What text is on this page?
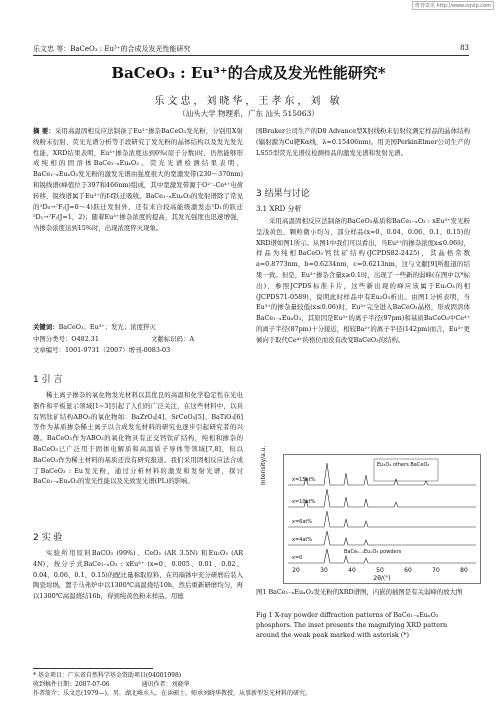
维普资讯 http://www.cqvip.com
乐文忠 等：BaCeO₃ : Eu³⁺的合成及发光性能研究	83
BaCeO₃ : Eu³⁺的合成及发光性能研究*
乐文忠，刘晓华，王孝东，刘 敏
（汕头大学 物理系，广东 汕头 515063）
摘 要：采用高温固相反应法制备了Eu³⁺掺杂BaCeO₃发光粉，分别用X射线粉末衍射、荧光光谱分析等手段研究了发光粉的晶体结构以及发光发光性能，XRD结果表明，Eu³⁺掺杂浓度达到6%(原子分数)时，仍然能够形成纯相的固溶体BaCe₁₋ₓEuₓO₃。荧光光谱检测结果表明，BaCe₁₋ₓEuₓO₃发光粉的激发光谱由强度很大的宽激发带(230～370nm)和锐线谱(峰值位于397和466nm)组成，其中宽激发带源于O²⁻-Ce⁴⁺电荷转移，锐线谱属于Eu³⁺的f-f跃迁吸收。BaCe₁₋ₓEuₓO₃的发射谱除了常见的⁵D₀→⁷Fⱼ(J=0～4)跃迁发射外，还有来自较高能级激发态⁵D₁的跃迁⁵D₁→⁷Fⱼ(J=1，2)；随着Eu³⁺掺杂浓度的提高，其发光强度也迅速增强，当掺杂浓度达到15%时，出现浓度猝灭现象。
关键词：BaCeO₃；Eu³⁺；发光；浓度猝灭
中图分类号：O482.31	文献标识码：A
文章编号：1001-9731（2007）增刊-0083-03
1 引 言
稀土离子掺杂的氧化物发光材料以其优良的高温和化学稳定性在光电器件和平板显示领域[1~3]引起了人们的广泛关注，在这些材料中，以具有钙钛矿结构ABO₃的氧化物如：BaZrO₃[4]、SrCeO₃[5]、BaTiO₃[6]等作为基质掺杂稀土离子以合成发光材料的研究也逐步引起研究者的兴趣。BaCeO₃作为ABO₃的氧化物具有正交钙钛矿结构，纯相和掺杂的BaCeO₃已广泛用于固体电解质和高温质子导体等领域[7,8]，但以BaCeO₃作为稀土材料的基质还没有研究报道。我们采用固相反应法合成了BaCeO₃ : Eu发光粉，通过分析材料的激发和发射光谱，探讨BaCe₁₋ₓEuₓO₃的发光性能以及光致发光谱(PL)的影响。
2 实 验
实验所用原料BaCO₃ (99%)、CeO₂ (AR 3.5N) 和Eu₂O₃ (AR 4N)，按分子式BaCe₁₋ₓO₃ : xEu³⁺ (x=0、0.005、0.01、0.02、0.04、0.06、0.1、0.15)的配比量称取原料，在玛瑙钵中充分研磨后装入陶瓷坩埚，置于马弗炉中以1300℃高温烧结10h，然后重新研磨均匀，再以1300℃高温烧结16h，得到纯黄色粉末样品。用德
国Bruker公司生产的D8 Advance型X射线粉末衍射仪测定样品的晶体结构(辐射源为Cu靶Kα线，λ=0.15406nm)。用美国PerkinElmer公司生产的LS55型荧光光谱仪检测样品的激发光谱和发射光谱。
3 结果与讨论
3.1 XRD 分析
采用高温固相反应法制备的BaCeO₃基质和BaCe₁₋ₓO₃ : xEu³⁺发光粉呈浅黄色，颗粒微小均匀，部分样品(x=0、0.04、0.06、0.1、0.15)的XRD谱如图1所示。从图1中我们可以看出，当Eu³⁺的掺杂浓度x≤0.06时，样品为纯相BaCeO₃钙钛矿结构(JCPDS82-2425)，其晶格常数a=0.8773nm，b=0.6234nm，c=0.6213nm，这与文献[9]所报道的结果一致。但是，Eu³⁺掺杂含量x≥0.1时，出现了一些新的弱峰(在图中以*标出)，参照JCPDS标准卡片，这些新出现的峰应该属于Eu₂O₃的相(JCPDS71-0589)，说明此时样品中有Eu₂O₃析出。由图1分析表明，当Eu³⁺的掺杂量较低(x≤0.06)时，Eu³⁺完全进入BaCeO₃晶格，形成固溶体BaCe₁₋ₓEuₓO₃，其原因是Eu³⁺的离子半径(97pm)和基质BaCeO₃中Ce⁴⁺的离子半径(87pm)十分接近，相较Ba²⁺的离子半径(142pm)而言，Eu³⁺更倾向于取代Ce⁴⁺的格位而没有改变BaCeO₃的结构。
Intensity/a.u.	x=15at%
x=10at%
x=6at%
x=4at%
BaCe₁₋ₓEuₓO₃ powders
x=0
Eu₂O₃ others BaCeO₃
20	30	40	50	60	70	80
2θ/(°)
图1 BaCe₁₋ₓEuₓO₃发光粉的XRD谱图，内嵌的插图是有关弱峰的放大图
Fig 1 X-ray powder diffraction patterns of BaCe₁₋ₓEuₓO₃ phosphors. The inset presents the magnifying XRD pattern around the weak peak marked with asterisk (*)
* 基金项目：广东省自然科学基金资助项目(04001998)
收到稿件日期：2007-07-06	通讯作者：刘晓华
作者简介：乐文忠(1979—)，男，湖北峰水人，在读硕士，师承刘晓华教授，从事新型发光材料的研究。
